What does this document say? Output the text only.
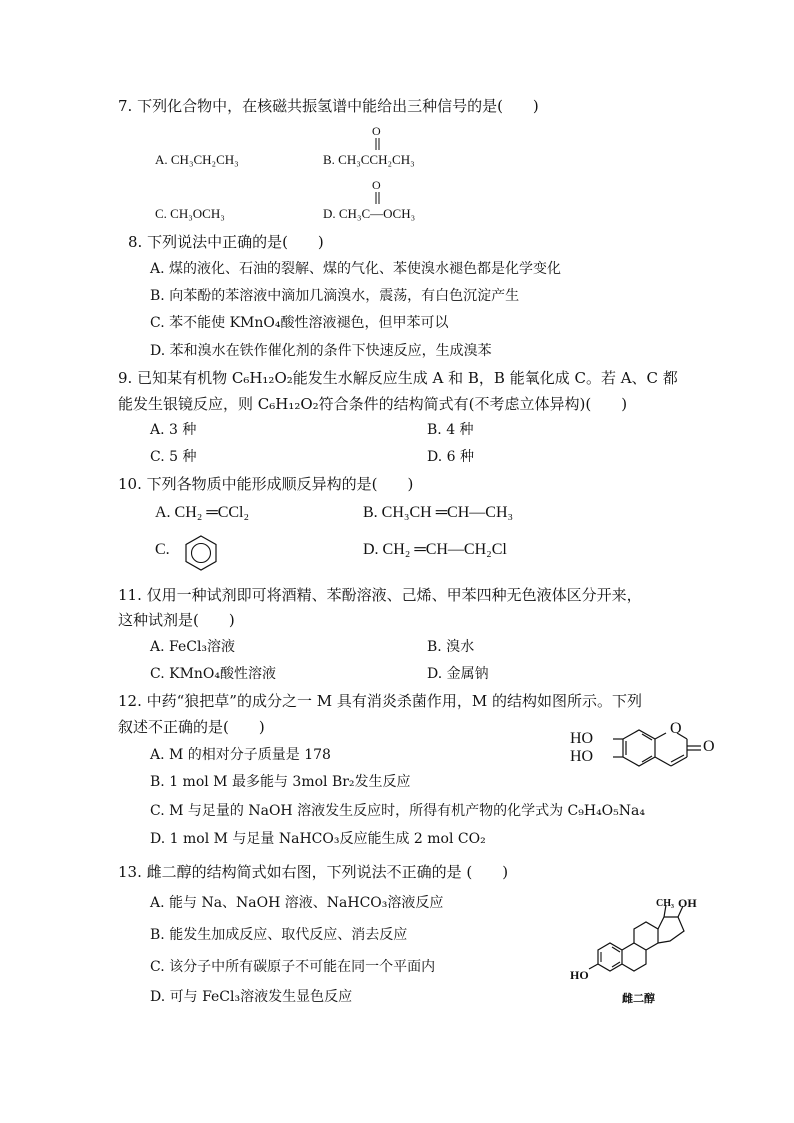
7. 下列化合物中，在核磁共振氢谱中能给出三种信号的是(　　)
O
A. CH₃CH₂CH₃	B. CH₃CCH₂CH₃
O
C. CH₃OCH₃	D. CH₃C—OCH₃
8. 下列说法中正确的是(　　)
A. 煤的液化、石油的裂解、煤的气化、苯使溴水褪色都是化学变化
B. 向苯酚的苯溶液中滴加几滴溴水，震荡，有白色沉淀产生
C. 苯不能使 KMnO₄酸性溶液褪色，但甲苯可以
D. 苯和溴水在铁作催化剂的条件下快速反应，生成溴苯
9. 已知某有机物 C₆H₁₂O₂能发生水解反应生成 A 和 B，B 能氧化成 C。若 A、C 都
能发生银镜反应，则 C₆H₁₂O₂符合条件的结构简式有(不考虑立体异构)(　　)
A. 3 种	B. 4 种
C. 5 种	D. 6 种
10. 下列各物质中能形成顺反异构的是(　　)
A. CH₂ ═CCl₂	B. CH₃CH ═CH—CH₃
C.	D. CH₂ ═CH—CH₂Cl
11. 仅用一种试剂即可将酒精、苯酚溶液、己烯、甲苯四种无色液体区分开来，
这种试剂是(　　)
A. FeCl₃溶液	B. 溴水
C. KMnO₄酸性溶液	D. 金属钠
12. 中药“狼把草”的成分之一 M 具有消炎杀菌作用，M 的结构如图所示。下列
叙述不正确的是(　　)
A. M 的相对分子质量是 178
B. 1 mol M 最多能与 3mol Br₂发生反应
C. M 与足量的 NaOH 溶液发生反应时，所得有机产物的化学式为 C₉H₄O₅Na₄
D. 1 mol M 与足量 NaHCO₃反应能生成 2 mol CO₂
HO
HO
O
O
13. 雌二醇的结构简式如右图，下列说法不正确的是 (　　)
A. 能与 Na、NaOH 溶液、NaHCO₃溶液反应
B. 能发生加成反应、取代反应、消去反应
C. 该分子中所有碳原子不可能在同一个平面内
D. 可与 FeCl₃溶液发生显色反应
HO
CH₃ OH
雌二醇
